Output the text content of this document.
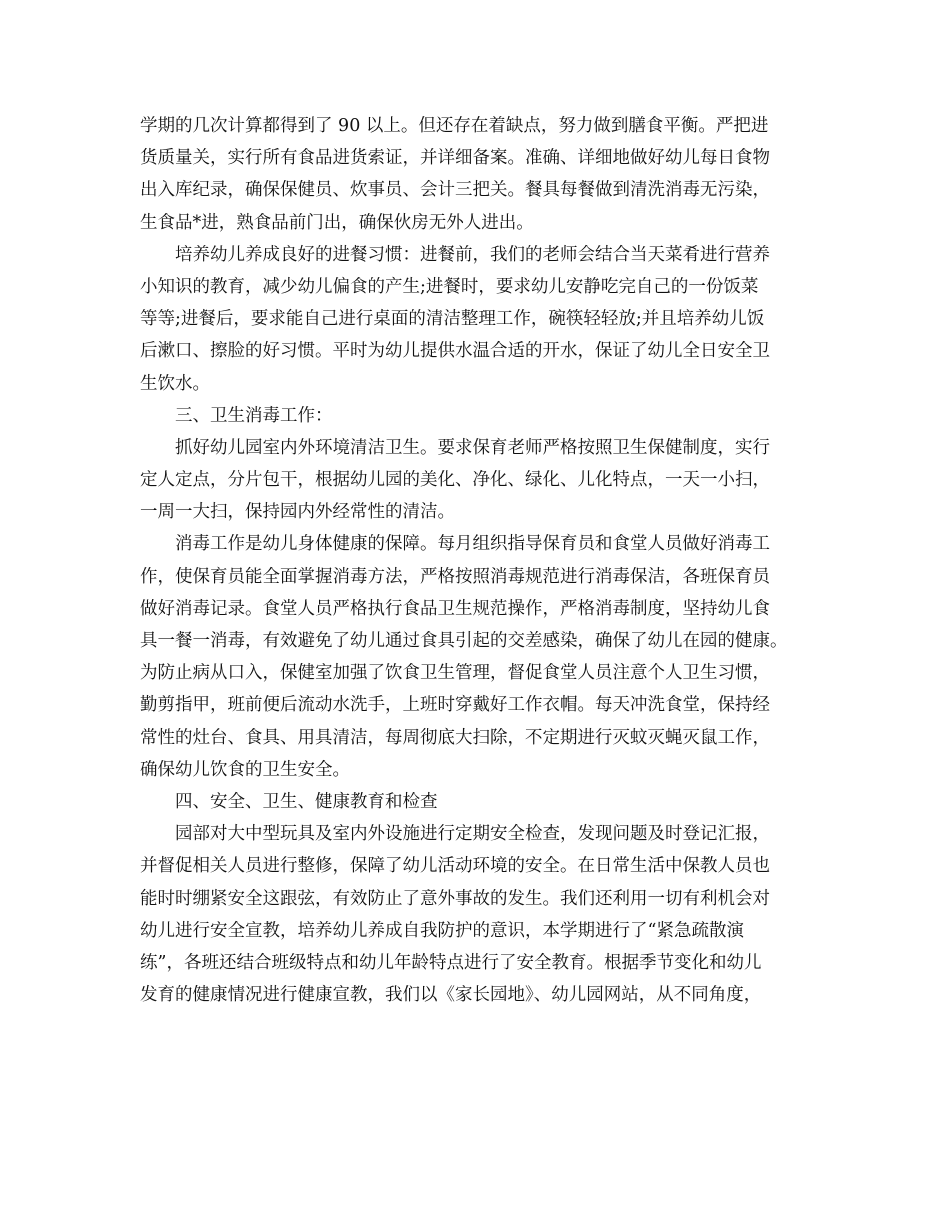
学期的几次计算都得到了 90 以上。但还存在着缺点，努力做到膳食平衡。严把进
货质量关，实行所有食品进货索证，并详细备案。准确、详细地做好幼儿每日食物
出入库纪录，确保保健员、炊事员、会计三把关。餐具每餐做到清洗消毒无污染，
生食品*进，熟食品前门出，确保伙房无外人进出。
培养幼儿养成良好的进餐习惯：进餐前，我们的老师会结合当天菜肴进行营养
小知识的教育，减少幼儿偏食的产生;进餐时，要求幼儿安静吃完自己的一份饭菜
等等;进餐后，要求能自己进行桌面的清洁整理工作，碗筷轻轻放;并且培养幼儿饭
后漱口、擦脸的好习惯。平时为幼儿提供水温合适的开水，保证了幼儿全日安全卫
生饮水。
三、卫生消毒工作：
抓好幼儿园室内外环境清洁卫生。要求保育老师严格按照卫生保健制度，实行
定人定点，分片包干，根据幼儿园的美化、净化、绿化、儿化特点，一天一小扫，
一周一大扫，保持园内外经常性的清洁。
消毒工作是幼儿身体健康的保障。每月组织指导保育员和食堂人员做好消毒工
作，使保育员能全面掌握消毒方法，严格按照消毒规范进行消毒保洁，各班保育员
做好消毒记录。食堂人员严格执行食品卫生规范操作，严格消毒制度，坚持幼儿食
具一餐一消毒，有效避免了幼儿通过食具引起的交差感染，确保了幼儿在园的健康。
为防止病从口入，保健室加强了饮食卫生管理，督促食堂人员注意个人卫生习惯，
勤剪指甲，班前便后流动水洗手，上班时穿戴好工作衣帽。每天冲洗食堂，保持经
常性的灶台、食具、用具清洁，每周彻底大扫除，不定期进行灭蚊灭蝇灭鼠工作，
确保幼儿饮食的卫生安全。
四、安全、卫生、健康教育和检查
园部对大中型玩具及室内外设施进行定期安全检查，发现问题及时登记汇报，
并督促相关人员进行整修，保障了幼儿活动环境的安全。在日常生活中保教人员也
能时时绷紧安全这跟弦，有效防止了意外事故的发生。我们还利用一切有利机会对
幼儿进行安全宣教，培养幼儿养成自我防护的意识，本学期进行了“紧急疏散演
练”，各班还结合班级特点和幼儿年龄特点进行了安全教育。根据季节变化和幼儿
发育的健康情况进行健康宣教，我们以《家长园地》、幼儿园网站，从不同角度，
